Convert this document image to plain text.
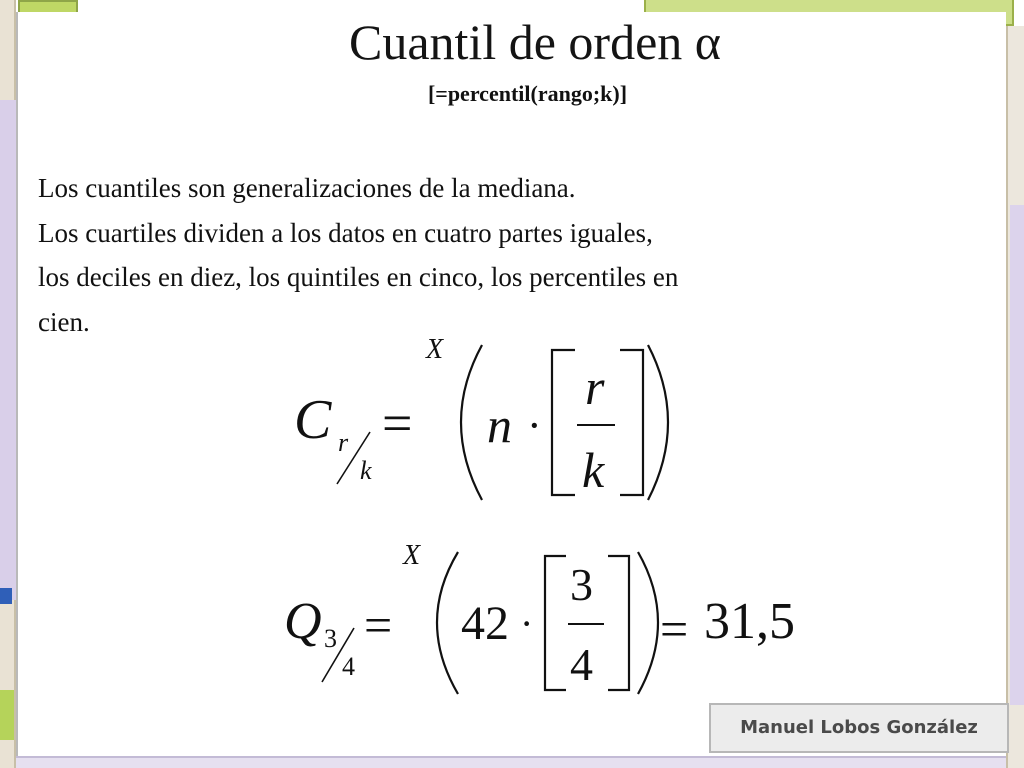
Cuantil de orden α
[=percentil(rango;k)]
Los cuantiles son generalizaciones de la mediana.
Los cuartiles dividen a los datos en cuatro partes iguales,
los deciles en diez, los quintiles en cinco, los percentiles en
cien.
X
C r
k
= n ·
r
k
X
Q 3
4
= 42 ·
3
4
= 31,5
Manuel Lobos González
